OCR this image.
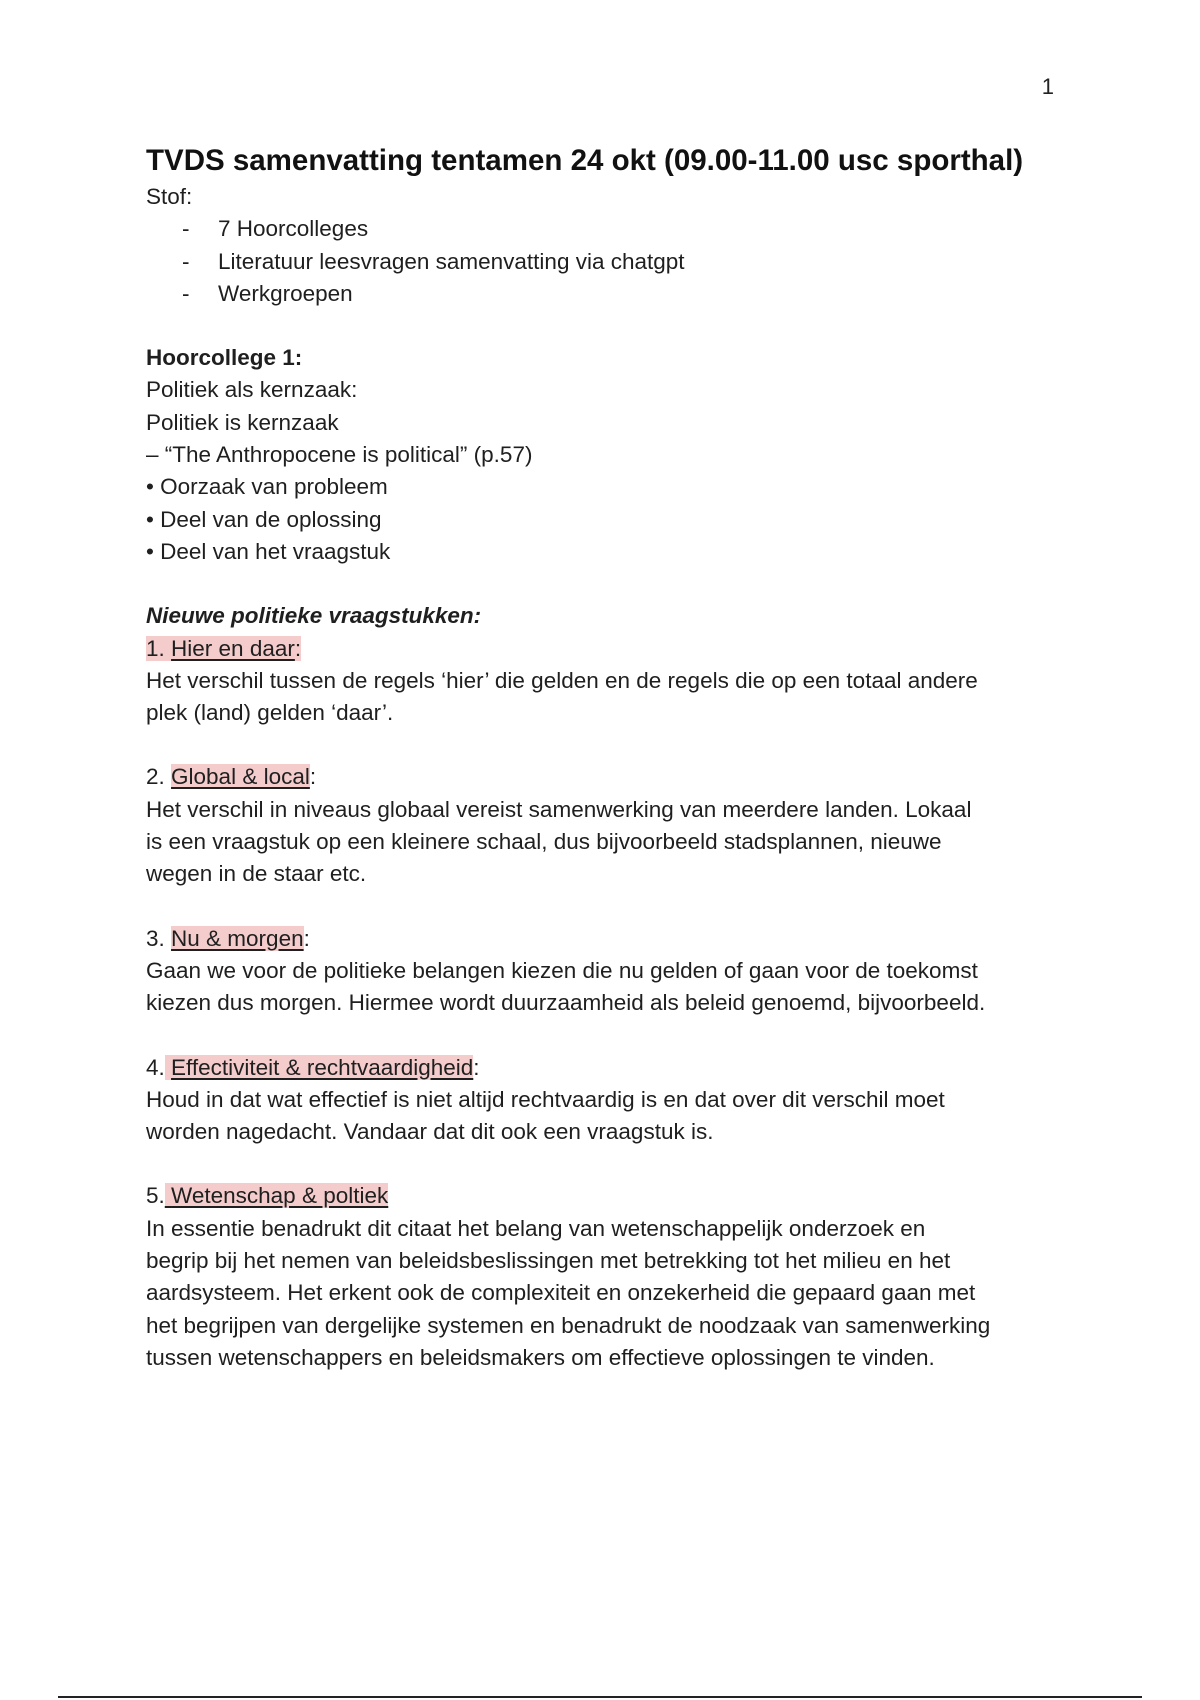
1
TVDS samenvatting tentamen 24 okt (09.00-11.00 usc sporthal)
Stof:
- 7 Hoorcolleges
- Literatuur leesvragen samenvatting via chatgpt
- Werkgroepen
Hoorcollege 1:
Politiek als kernzaak:
Politiek is kernzaak
– “The Anthropocene is political” (p.57)
• Oorzaak van probleem
• Deel van de oplossing
• Deel van het vraagstuk
Nieuwe politieke vraagstukken:
1. Hier en daar:
Het verschil tussen de regels ‘hier’ die gelden en de regels die op een totaal andere
plek (land) gelden ‘daar’.
2. Global & local:
Het verschil in niveaus globaal vereist samenwerking van meerdere landen. Lokaal
is een vraagstuk op een kleinere schaal, dus bijvoorbeeld stadsplannen, nieuwe
wegen in de staar etc.
3. Nu & morgen:
Gaan we voor de politieke belangen kiezen die nu gelden of gaan voor de toekomst
kiezen dus morgen. Hiermee wordt duurzaamheid als beleid genoemd, bijvoorbeeld.
4. Effectiviteit & rechtvaardigheid:
Houd in dat wat effectief is niet altijd rechtvaardig is en dat over dit verschil moet
worden nagedacht. Vandaar dat dit ook een vraagstuk is.
5. Wetenschap & poltiek
In essentie benadrukt dit citaat het belang van wetenschappelijk onderzoek en
begrip bij het nemen van beleidsbeslissingen met betrekking tot het milieu en het
aardsysteem. Het erkent ook de complexiteit en onzekerheid die gepaard gaan met
het begrijpen van dergelijke systemen en benadrukt de noodzaak van samenwerking
tussen wetenschappers en beleidsmakers om effectieve oplossingen te vinden.
